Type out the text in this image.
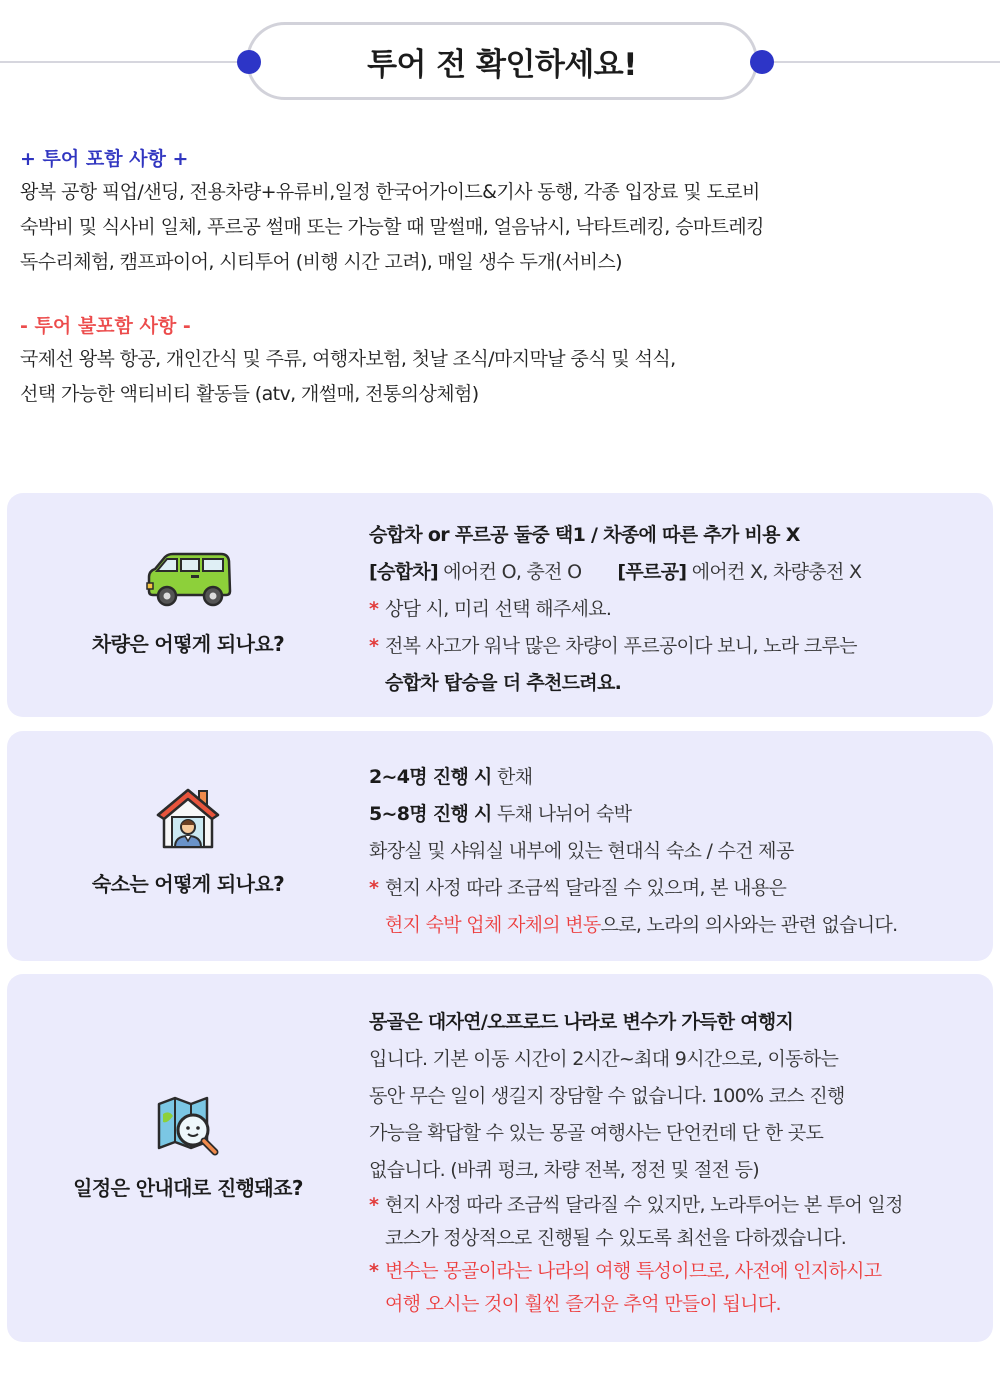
투어 전 확인하세요!
+ 투어 포함 사항 +
왕복 공항 픽업/샌딩, 전용차량+유류비,일정 한국어가이드&기사 동행, 각종 입장료 및 도로비
숙박비 및 식사비 일체, 푸르공 썰매 또는 가능할 때 말썰매, 얼음낚시, 낙타트레킹, 승마트레킹
독수리체험, 캠프파이어, 시티투어 (비행 시간 고려), 매일 생수 두개(서비스)
- 투어 불포함 사항 -
국제선 왕복 항공, 개인간식 및 주류, 여행자보험, 첫날 조식/마지막날 중식 및 석식,
선택 가능한 액티비티 활동들 (atv, 개썰매, 전통의상체험)
차량은 어떻게 되나요?
승합차 or 푸르공 둘중 택1 / 차종에 따른 추가 비용 X
[승합차] 에어컨 O, 충전 O [푸르공] 에어컨 X, 차량충전 X
* 상담 시, 미리 선택 해주세요.
* 전복 사고가 워낙 많은 차량이 푸르공이다 보니, 노라 크루는
승합차 탑승을 더 추천드려요.
숙소는 어떻게 되나요?
2~4명 진행 시 한채
5~8명 진행 시 두채 나뉘어 숙박
화장실 및 샤워실 내부에 있는 현대식 숙소 / 수건 제공
* 현지 사정 따라 조금씩 달라질 수 있으며, 본 내용은
현지 숙박 업체 자체의 변동으로, 노라의 의사와는 관련 없습니다.
일정은 안내대로 진행돼죠?
몽골은 대자연/오프로드 나라로 변수가 가득한 여행지
입니다. 기본 이동 시간이 2시간~최대 9시간으로, 이동하는
동안 무슨 일이 생길지 장담할 수 없습니다. 100% 코스 진행
가능을 확답할 수 있는 몽골 여행사는 단언컨데 단 한 곳도
없습니다. (바퀴 펑크, 차량 전복, 정전 및 절전 등)
* 현지 사정 따라 조금씩 달라질 수 있지만, 노라투어는 본 투어 일정
코스가 정상적으로 진행될 수 있도록 최선을 다하겠습니다.
* 변수는 몽골이라는 나라의 여행 특성이므로, 사전에 인지하시고
여행 오시는 것이 훨씬 즐거운 추억 만들이 됩니다.
